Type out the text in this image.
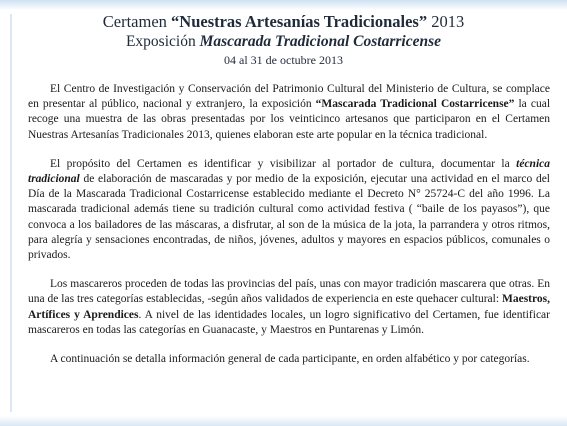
Certamen “Nuestras Artesanías Tradicionales” 2013
Exposición Mascarada Tradicional Costarricense
04 al 31 de octubre 2013

El Centro de Investigación y Conservación del Patrimonio Cultural del Ministerio de Cultura, se complace en presentar al público, nacional y extranjero, la exposición “Mascarada Tradicional Costarricense” la cual recoge una muestra de las obras presentadas por los veinticinco artesanos que participaron en el Certamen Nuestras Artesanías Tradicionales 2013, quienes elaboran este arte popular en la técnica tradicional.

El propósito del Certamen es identificar y visibilizar al portador de cultura, documentar la técnica tradicional de elaboración de mascaradas y por medio de la exposición, ejecutar una actividad en el marco del Día de la Mascarada Tradicional Costarricense establecido mediante el Decreto N° 25724-C del año 1996. La mascarada tradicional además tiene su tradición cultural como actividad festiva ( “baile de los payasos”), que convoca a los bailadores de las máscaras, a disfrutar, al son de la música de la jota, la parrandera y otros ritmos, para alegría y sensaciones encontradas, de niños, jóvenes, adultos y mayores en espacios públicos, comunales o privados.

Los mascareros proceden de todas las provincias del país, unas con mayor tradición mascarera que otras. En una de las tres categorías establecidas, -según años validados de experiencia en este quehacer cultural: Maestros, Artífices y Aprendices. A nivel de las identidades locales, un logro significativo del Certamen, fue identificar mascareros en todas las categorías en Guanacaste, y Maestros en Puntarenas y Limón.

A continuación se detalla información general de cada participante, en orden alfabético y por categorías.
